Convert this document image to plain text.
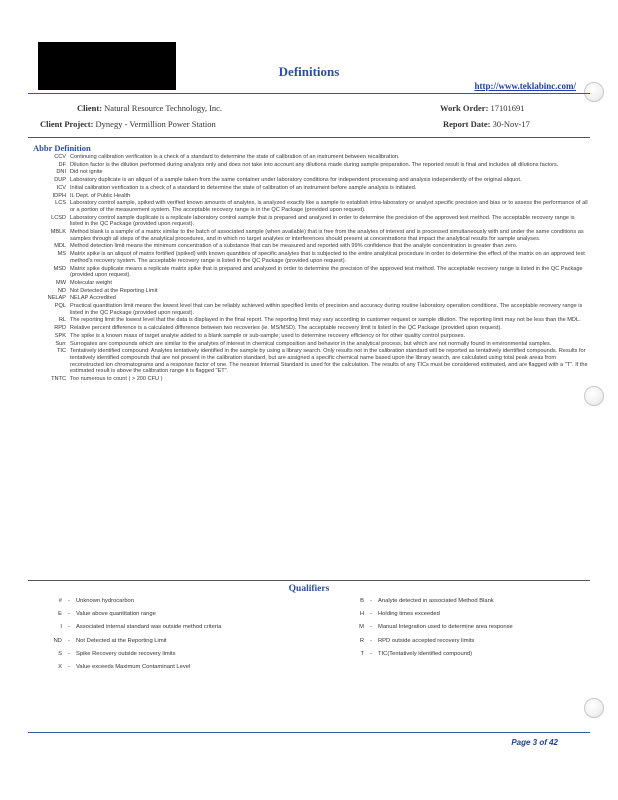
Definitions
http://www.teklabinc.com/
Client: Natural Resource Technology, Inc.
Client Project: Dynegy - Vermillion Power Station
Work Order: 17101691
Report Date: 30-Nov-17
Abbr Definition
CCV Continuing calibration verification is a check of a standard to determine the state of calibration of an instrument between recalibration.
DF Dilution factor is the dilution performed during analysis only and does not take into account any dilutions made during sample preparation. The reported result is final and includes all dilutions factors.
DNI Did not ignite
DUP Laboratory duplicate is an aliquot of a sample taken from the same container under laboratory conditions for independent processing and analysis independently of the original aliquot.
ICV Initial calibration verification is a check of a standard to determine the state of calibration of an instrument before sample analysis is initiated.
IDPH IL Dept. of Public Health
LCS Laboratory control sample, spiked with verified known amounts of analytes, is analyzed exactly like a sample to establish intra-laboratory or analyst specific precision and bias or to assess the performance of all or a portion of the measurement system. The acceptable recovery range is in the QC Package (provided upon request).
LCSD Laboratory control sample duplicate is a replicate laboratory control sample that is prepared and analyzed in order to determine the precision of the approved test method. The acceptable recovery range is listed in the QC Package (provided upon request).
MBLK Method blank is a sample of a matrix similar to the batch of associated sample (when available) that is free from the analytes of interest and is processed simultaneously with and under the same conditions as samples through all steps of the analytical procedures, and in which no target analytes or interferences should present at concentrations that impact the analytical results for sample analyses.
MDL Method detection limit means the minimum concentration of a substance that can be measured and reported with 99% confidence that the analyte concentration is greater than zero.
MS Matrix spike is an aliquot of matrix fortified (spiked) with known quantities of specific analytes that is subjected to the entire analytical procedure in order to determine the effect of the matrix on an approved test method's recovery system. The acceptable recovery range is listed in the QC Package (provided upon request).
MSD Matrix spike duplicate means a replicate matrix spike that is prepared and analyzed in order to determine the precision of the approved test method. The acceptable recovery range is listed in the QC Package (provided upon request).
MW Molecular weight
ND Not Detected at the Reporting Limit
NELAP NELAP Accredited
PQL Practical quantitation limit means the lowest level that can be reliably achieved within specified limits of precision and accuracy during routine laboratory operation conditions. The acceptable recovery range is listed in the QC Package (provided upon request).
RL The reporting limit the lowest level that the data is displayed in the final report. The reporting limit may vary according to customer request or sample dilution. The reporting limit may not be less than the MDL.
RPD Relative percent difference is a calculated difference between two recoveries (ie. MS/MSD). The acceptable recovery limit is listed in the QC Package (provided upon request).
SPK The spike is a known mass of target analyte added to a blank sample or sub-sample; used to determine recovery efficiency or for other quality control purposes.
Surr Surrogates are compounds which are similar to the analytes of interest in chemical composition and behavior in the analytical process, but which are not normally found in environmental samples.
TIC Tentatively identified compound: Analytes tentatively identified in the sample by using a library search. Only results not in the calibration standard will be reported as tentatively identified compounds. Results for tentatively identified compounds that are not present in the calibration standard, but are assigned a specific chemical name based upon the library search, are calculated using total peak areas from reconstructed ion chromatograms and a response factor of one. The nearest Internal Standard is used for the calculation. The results of any TICs must be considered estimated, and are flagged with a "T". If the estimated result is above the calibration range it is flagged "ET".
TNTC Too numerous to count ( > 200 CFU )
Qualifiers
#	-	Unknown hydrocarbon
E	-	Value above quantitation range
I	-	Associated internal standard was outside method criteria
ND	-	Not Detected at the Reporting Limit
S	-	Spike Recovery outside recovery limits
X	-	Value exceeds Maximum Contaminant Level
B	-	Analyte detected in associated Method Blank
H	-	Holding times exceeded
M	-	Manual Integration used to determine area response
R	-	RPD outside accepted recovery limits
T	-	TIC(Tentatively identified compound)
Page 3 of 42
